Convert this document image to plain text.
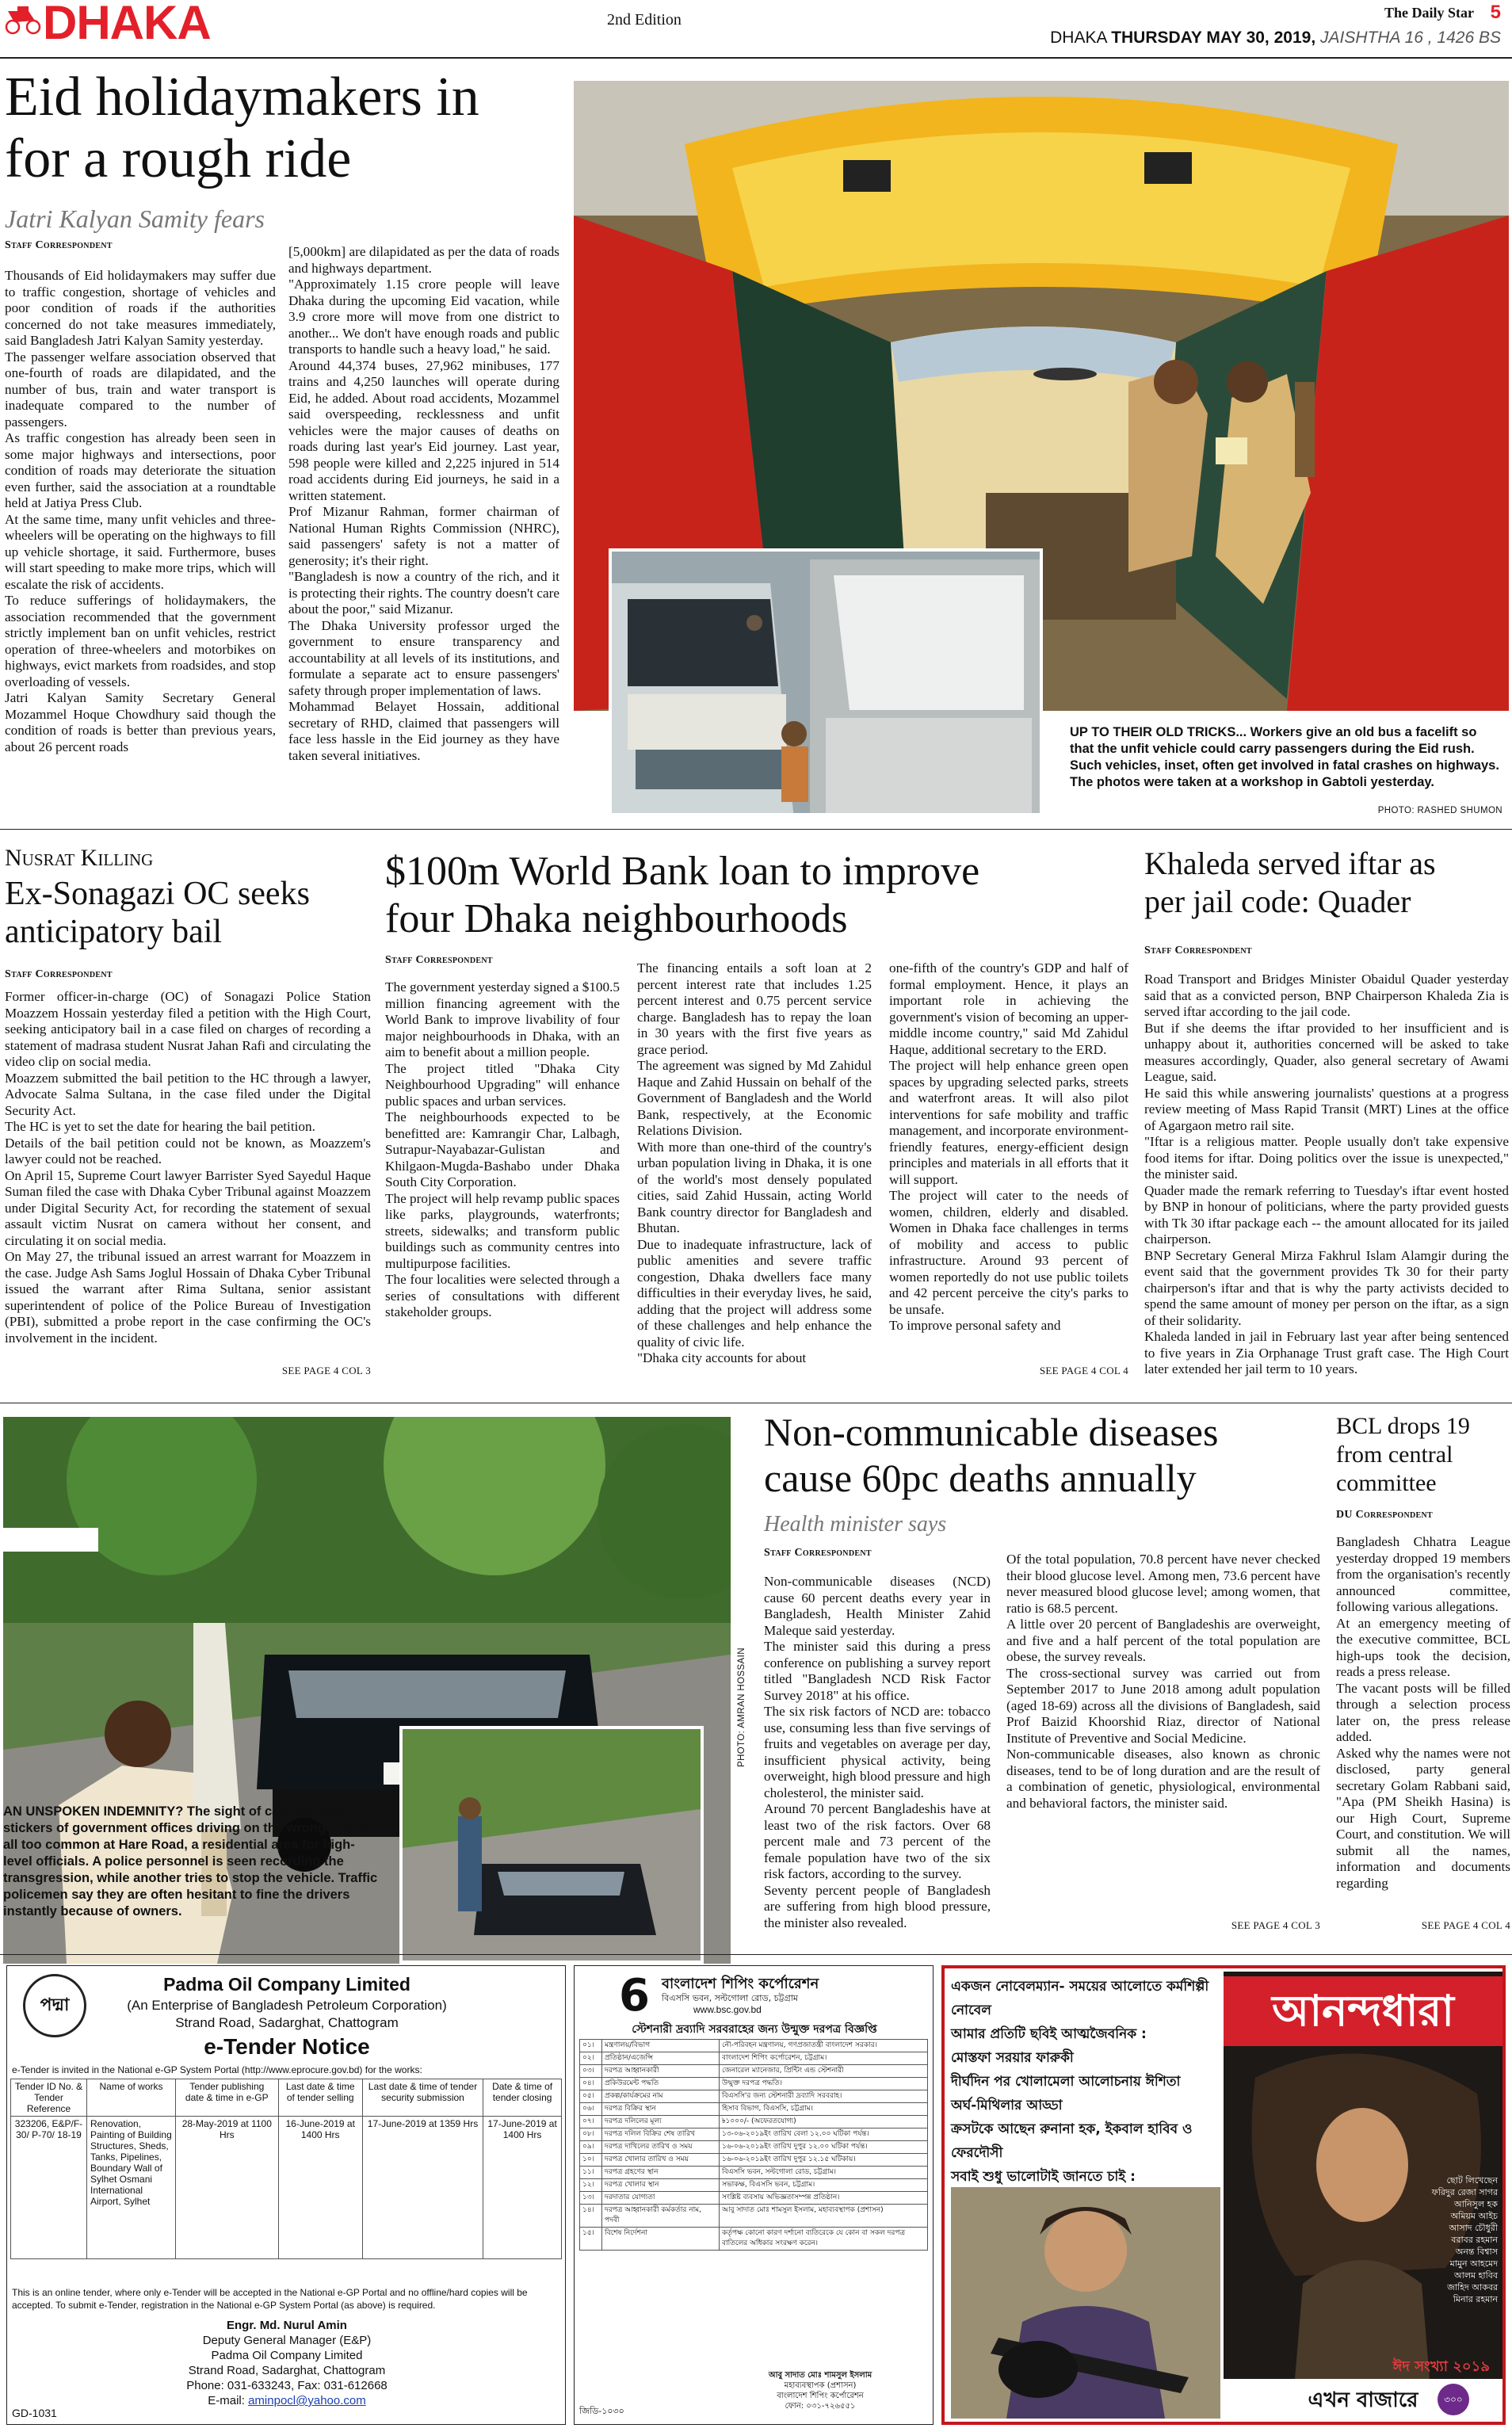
DHAKA	2nd Edition
DHAKA THURSDAY MAY 30, 2019, JAISHTHA 16 , 1426 BS
The Daily Star 5
Eid holidaymakers in
for a rough ride
Jatri Kalyan Samity fears
Staff Correspondent
Thousands of Eid holidaymakers may suffer due to traffic congestion, shortage of vehicles and poor condition of roads if the authorities concerned do not take measures immediately, said Bangladesh Jatri Kalyan Samity yesterday.
The passenger welfare association observed that one-fourth of roads are dilapidated, and the number of bus, train and water transport is inadequate compared to the number of passengers.
As traffic congestion has already been seen in some major highways and intersections, poor condition of roads may deteriorate the situation even further, said the association at a roundtable held at Jatiya Press Club.
At the same time, many unfit vehicles and three-wheelers will be operating on the highways to fill up vehicle shortage, it said. Furthermore, buses will start speeding to make more trips, which will escalate the risk of accidents.
To reduce sufferings of holidaymakers, the association recommended that the government strictly implement ban on unfit vehicles, restrict operation of three-wheelers and motorbikes on highways, evict markets from roadsides, and stop overloading of vessels.
Jatri Kalyan Samity Secretary General Mozammel Hoque Chowdhury said though the condition of roads is better than previous years, about 26 percent roads
[5,000km] are dilapidated as per the data of roads and highways department.
"Approximately 1.15 crore people will leave Dhaka during the upcoming Eid vacation, while 3.9 crore more will move from one district to another... We don't have enough roads and public transports to handle such a heavy load," he said.
Around 44,374 buses, 27,962 minibuses, 177 trains and 4,250 launches will operate during Eid, he added. About road accidents, Mozammel said overspeeding, recklessness and unfit vehicles were the major causes of deaths on roads during last year's Eid journey. Last year, 598 people were killed and 2,225 injured in 514 road accidents during Eid journeys, he said in a written statement.
Prof Mizanur Rahman, former chairman of National Human Rights Commission (NHRC), said passengers' safety is not a matter of generosity; it's their right.
"Bangladesh is now a country of the rich, and it is protecting their rights. The country doesn't care about the poor," said Mizanur.
The Dhaka University professor urged the government to ensure transparency and accountability at all levels of its institutions, and formulate a separate act to ensure passengers' safety through proper implementation of laws.
Mohammad Belayet Hossain, additional secretary of RHD, claimed that passengers will face less hassle in the Eid journey as they have taken several initiatives.
UP TO THEIR OLD TRICKS... Workers give an old bus a facelift so that the unfit vehicle could carry passengers during the Eid rush. Such vehicles, inset, often get involved in fatal crashes on highways. The photos were taken at a workshop in Gabtoli yesterday.
PHOTO: RASHED SHUMON
Nusrat Killing
Ex-Sonagazi OC seeks
anticipatory bail
Staff Correspondent
Former officer-in-charge (OC) of Sonagazi Police Station Moazzem Hossain yesterday filed a petition with the High Court, seeking anticipatory bail in a case filed on charges of recording a statement of madrasa student Nusrat Jahan Rafi and circulating the video clip on social media.
Moazzem submitted the bail petition to the HC through a lawyer, Advocate Salma Sultana, in the case filed under the Digital Security Act.
The HC is yet to set the date for hearing the bail petition.
Details of the bail petition could not be known, as Moazzem's lawyer could not be reached.
On April 15, Supreme Court lawyer Barrister Syed Sayedul Haque Suman filed the case with Dhaka Cyber Tribunal against Moazzem under Digital Security Act, for recording the statement of sexual assault victim Nusrat on camera without her consent, and circulating it on social media.
On May 27, the tribunal issued an arrest warrant for Moazzem in the case. Judge Ash Sams Joglul Hossain of Dhaka Cyber Tribunal issued the warrant after Rima Sultana, senior assistant superintendent of police of the Police Bureau of Investigation (PBI), submitted a probe report in the case confirming the OC's involvement in the incident.
SEE PAGE 4 COL 3
$100m World Bank loan to improve
four Dhaka neighbourhoods
Staff Correspondent
The government yesterday signed a $100.5 million financing agreement with the World Bank to improve livability of four major neighbourhoods in Dhaka, with an aim to benefit about a million people.
The project titled "Dhaka City Neighbourhood Upgrading" will enhance public spaces and urban services.
The neighbourhoods expected to be benefitted are: Kamrangir Char, Lalbagh, Sutrapur-Nayabazar-Gulistan and Khilgaon-Mugda-Bashabo under Dhaka South City Corporation.
The project will help revamp public spaces like parks, playgrounds, waterfronts; streets, sidewalks; and transform public buildings such as community centres into multipurpose facilities.
The four localities were selected through a series of consultations with different stakeholder groups.
The financing entails a soft loan at 2 percent interest rate that includes 1.25 percent interest and 0.75 percent service charge. Bangladesh has to repay the loan in 30 years with the first five years as grace period.
The agreement was signed by Md Zahidul Haque and Zahid Hussain on behalf of the Government of Bangladesh and the World Bank, respectively, at the Economic Relations Division.
With more than one-third of the country's urban population living in Dhaka, it is one of the world's most densely populated cities, said Zahid Hussain, acting World Bank country director for Bangladesh and Bhutan.
Due to inadequate infrastructure, lack of public amenities and severe traffic congestion, Dhaka dwellers face many difficulties in their everyday lives, he said, adding that the project will address some of these challenges and help enhance the quality of civic life.
"Dhaka city accounts for about
one-fifth of the country's GDP and half of formal employment. Hence, it plays an important role in achieving the government's vision of becoming an upper-middle income country," said Md Zahidul Haque, additional secretary to the ERD.
The project will help enhance green open spaces by upgrading selected parks, streets and waterfront areas. It will also pilot interventions for safe mobility and traffic management, and incorporate environment-friendly features, energy-efficient design principles and materials in all efforts that it will support.
The project will cater to the needs of women, children, elderly and disabled. Women in Dhaka face challenges in terms of mobility and access to public infrastructure. Around 93 percent of women reportedly do not use public toilets and 42 percent perceive the city's parks to be unsafe.
To improve personal safety and
SEE PAGE 4 COL 4
Khaleda served iftar as
per jail code: Quader
Staff Correspondent
Road Transport and Bridges Minister Obaidul Quader yesterday said that as a convicted person, BNP Chairperson Khaleda Zia is served iftar according to the jail code.
But if she deems the iftar provided to her insufficient and is unhappy about it, authorities concerned will be asked to take measures accordingly, Quader, also general secretary of Awami League, said.
He said this while answering journalists' questions at a progress review meeting of Mass Rapid Transit (MRT) Lines at the office of Agargaon metro rail site.
"Iftar is a religious matter. People usually don't take expensive food items for iftar. Doing politics over the issue is unexpected," the minister said.
Quader made the remark referring to Tuesday's iftar event hosted by BNP in honour of politicians, where the party provided guests with Tk 30 iftar package each -- the amount allocated for its jailed chairperson.
BNP Secretary General Mirza Fakhrul Islam Alamgir during the event said that the government provides Tk 30 for their party chairperson's iftar and that is why the party activists decided to spend the same amount of money per person on the iftar, as a sign of their solidarity.
Khaleda landed in jail in February last year after being sentenced to five years in Zia Orphanage Trust graft case. The High Court later extended her jail term to 10 years.
PHOTO: AMRAN HOSSAIN
AN UNSPOKEN INDEMNITY? The sight of cars bearing stickers of government offices driving on the wrong side is all too common at Hare Road, a residential area for high-level officials. A police personnel is seen recording the transgression, while another tries to stop the vehicle. Traffic policemen say they are often hesitant to fine the drivers instantly because of owners.
Non-communicable diseases
cause 60pc deaths annually
Health minister says
Staff Correspondent
Non-communicable diseases (NCD) cause 60 percent deaths every year in Bangladesh, Health Minister Zahid Maleque said yesterday.
The minister said this during a press conference on publishing a survey report titled "Bangladesh NCD Risk Factor Survey 2018" at his office.
The six risk factors of NCD are: tobacco use, consuming less than five servings of fruits and vegetables on average per day, insufficient physical activity, being overweight, high blood pressure and high cholesterol, the minister said.
Around 70 percent Bangladeshis have at least two of the risk factors. Over 68 percent male and 73 percent of the female population have two of the six risk factors, according to the survey.
Seventy percent people of Bangladesh are suffering from high blood pressure, the minister also revealed.
Of the total population, 70.8 percent have never checked their blood glucose level. Among men, 73.6 percent have never measured blood glucose level; among women, that ratio is 68.5 percent.
A little over 20 percent of Bangladeshis are overweight, and five and a half percent of the total population are obese, the survey reveals.
The cross-sectional survey was carried out from September 2017 to June 2018 among adult population (aged 18-69) across all the divisions of Bangladesh, said Prof Baizid Khoorshid Riaz, director of National Institute of Preventive and Social Medicine.
Non-communicable diseases, also known as chronic diseases, tend to be of long duration and are the result of a combination of genetic, physiological, environmental and behavioral factors, the minister said.
SEE PAGE 4 COL 3
BCL drops 19
from central
committee
DU Correspondent
Bangladesh Chhatra League yesterday dropped 19 members from the organisation's recently announced committee, following various allegations.
At an emergency meeting of the executive committee, BCL high-ups took the decision, reads a press release.
The vacant posts will be filled through a selection process later on, the press release added.
Asked why the names were not disclosed, party general secretary Golam Rabbani said, "Apa (PM Sheikh Hasina) is our High Court, Supreme Court, and constitution. We will submit all the names, information and documents regarding
SEE PAGE 4 COL 4
পদ্মা
Padma Oil Company Limited
(An Enterprise of Bangladesh Petroleum Corporation)
Strand Road, Sadarghat, Chattogram
e-Tender Notice
e-Tender is invited in the National e-GP System Portal (http://www.eprocure.gov.bd) for the works:
Tender ID No. & Tender Reference	Name of works	Tender publishing date & time in e-GP	Last date & time of tender selling	Last date & time of tender security submission	Date & time of tender closing
323206, E&P/F-30/ P-70/ 18-19	Renovation, Painting of Building Structures, Sheds, Tanks, Pipelines, Boundary Wall of Sylhet Osmani International Airport, Sylhet	28-May-2019 at 1100 Hrs	16-June-2019 at 1400 Hrs	17-June-2019 at 1359 Hrs	17-June-2019 at 1400 Hrs
This is an online tender, where only e-Tender will be accepted in the National e-GP Portal and no offline/hard copies will be accepted. To submit e-Tender, registration in the National e-GP System Portal (as above) is required.
Engr. Md. Nurul Amin
Deputy General Manager (E&P)
Padma Oil Company Limited
Strand Road, Sadarghat, Chattogram
Phone: 031-633243, Fax: 031-612668
E-mail: aminpocl@yahoo.com
GD-1031
6 বাংলাদেশ শিপিং কর্পোরেশন
বিএসসি ভবন, সল্টগোলা রোড, চট্টগ্রাম
www.bsc.gov.bd
স্টেশনারী দ্রব্যাদি সরবরাহের জন্য উন্মুক্ত দরপত্র বিজ্ঞপ্তি
০১।	মন্ত্রণালয়/বিভাগ	নৌ-পরিবহন মন্ত্রণালয়, গণপ্রজাতন্ত্রী বাংলাদেশ সরকার।
০২।	প্রতিষ্ঠান/এজেন্সি	বাংলাদেশ শিপিং কর্পোরেশন, চট্টগ্রাম।
০৩।	দরপত্র আহ্বানকারী	জেনারেল ম্যানেজার, প্রিন্টিং এন্ড স্টেশনারী
০৪।	প্রকিউরমেন্ট পদ্ধতি	উন্মুক্ত দরপত্র পদ্ধতি।
০৫।	প্রকল্প/কার্যক্রমের নাম	বিএসসি'র জন্য স্টেশনারী দ্রব্যাদি সরবরাহ।
০৬।	দরপত্র বিক্রির স্থান	হিসাব বিভাগ, বিএসসি, চট্টগ্রাম।
০৭।	দরপত্র দলিলের মূল্য	৳১০০০/- (অফেরতযোগ্য)
০৮।	দরপত্র দলিল বিক্রির শেষ তারিখ	১৩-০৬-২০১৯ইং তারিখ বেলা ১২.০০ ঘটিকা পর্যন্ত।
০৯।	দরপত্র দাখিলের তারিখ ও সময়	১৬-০৬-২০১৯ইং তারিখ দুপুর ১২.০০ ঘটিকা পর্যন্ত।
১০।	দরপত্র খোলার তারিখ ও সময়	১৬-০৬-২০১৯ইং তারিখ দুপুর ১২.১৫ ঘটিকায়।
১১।	দরপত্র গ্রহণের স্থান	বিএসসি ভবন, সল্টগোলা রোড, চট্টগ্রাম।
১২।	দরপত্র খোলার স্থান	সভাকক্ষ, বিএসসি ভবন, চট্টগ্রাম।
১৩।	দরদাতার যোগ্যতা	সংশ্লিষ্ট ব্যবসায় অভিজ্ঞতাসম্পন্ন প্রতিষ্ঠান।
১৪।	দরপত্র আহ্বানকারী কর্মকর্তার নাম, পদবী	আবু সাদাত মোঃ শামসুল ইসলাম, মহাব্যবস্থাপক (প্রশাসন)
১৫।	বিশেষ নির্দেশনা	কর্তৃপক্ষ কোনো কারণ দর্শানো ব্যতিরেকে যে কোন বা সকল দরপত্র বাতিলের অধিকার সংরক্ষণ করেন।
আবু সাদাত মোঃ শামসুল ইসলাম
মহাব্যবস্থাপক (প্রশাসন)
বাংলাদেশ শিপিং কর্পোরেশন
ফোন: ০৩১-৭২৬৫৫১
জিডি-১০৩০
একজন নোবেলম্যান- সময়ের আলোতে কর্মশিল্পী নোবেল
আমার প্রতিটি ছবিই আত্মজৈবনিক :
মোস্তফা সরয়ার ফারুকী
দীর্ঘদিন পর খোলামেলা আলোচনায় ঈশিতা
অর্ঘ-মিথিলার আড্ডা
ক্রসটকে আছেন রুনানা হক, ইকবাল হাবিব ও ফেরদৌসী
সবাই শুধু ভালোটাই জানতে চাই :
আনন্দধারা
ছোট লিখেছেন
ফরিদুর রেজা সাগর
আনিসুল হক
অমিয়ম আইচ
আসাদ চৌধুরী
বরাবর রহমান
অনন্ত বিশ্বাস
মামুন আহমেদ
আলম হাবিব
জাহিদ আকবর
মিনার রহমান
ঈদ সংখ্যা ২০১৯
এখন বাজারে	৩০০
